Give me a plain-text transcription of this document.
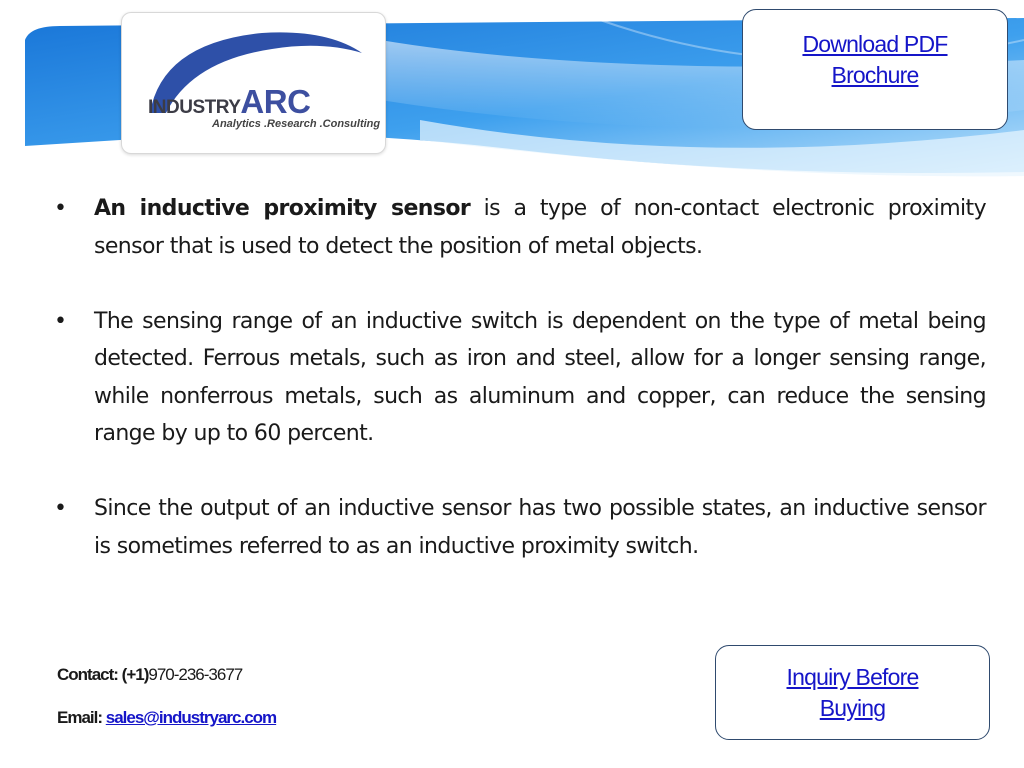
INDUSTRYARC
Analytics .Research .Consulting
Download PDF Brochure
• An inductive proximity sensor is a type of non-contact electronic proximity sensor that is used to detect the position of metal objects.
• The sensing range of an inductive switch is dependent on the type of metal being detected. Ferrous metals, such as iron and steel, allow for a longer sensing range, while nonferrous metals, such as aluminum and copper, can reduce the sensing range by up to 60 percent.
• Since the output of an inductive sensor has two possible states, an inductive sensor is sometimes referred to as an inductive proximity switch.
Contact: (+1)970-236-3677
Email: sales@industryarc.com
Inquiry Before Buying
